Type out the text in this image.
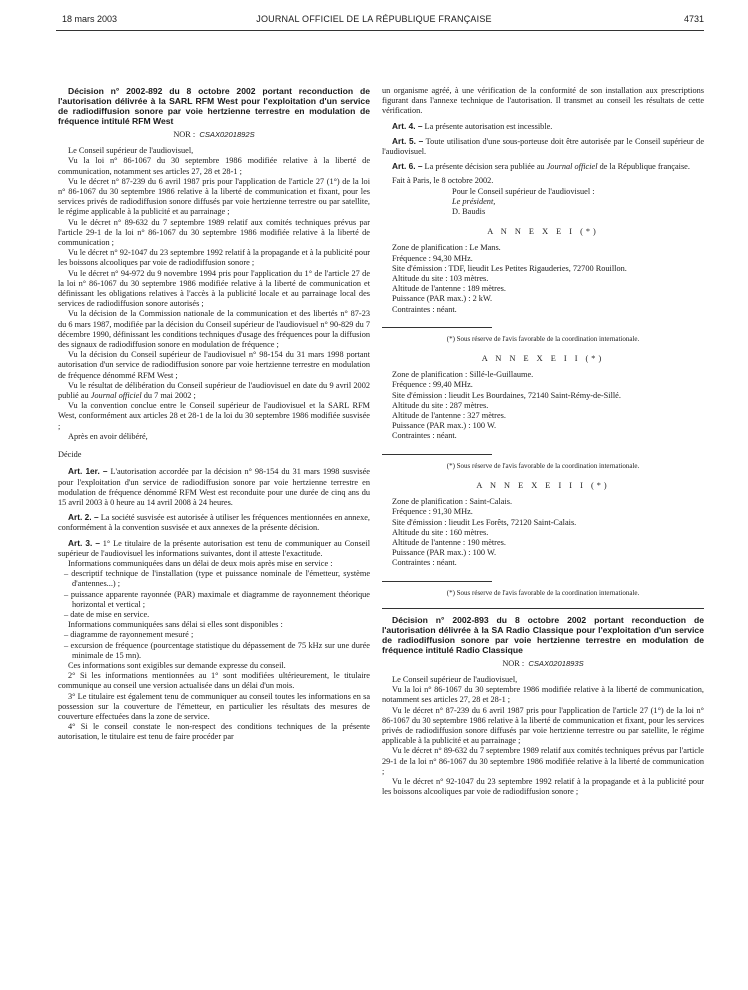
18 mars 2003	JOURNAL OFFICIEL DE LA RÉPUBLIQUE FRANÇAISE	4731

Décision n° 2002-892 du 8 octobre 2002 portant reconduction de l'autorisation délivrée à la SARL RFM West pour l'exploitation d'un service de radiodiffusion sonore par voie hertzienne terrestre en modulation de fréquence intitulé RFM West

NOR :  CSAX0201892S

Le Conseil supérieur de l'audiovisuel,

Vu la loi n° 86-1067 du 30 septembre 1986 modifiée relative à la liberté de communication, notamment ses articles 27, 28 et 28-1 ;

Vu le décret n° 87-239 du 6 avril 1987 pris pour l'application de l'article 27 (1°) de la loi n° 86-1067 du 30 septembre 1986 relative à la liberté de communication et fixant, pour les services privés de radiodiffusion sonore diffusés par voie hertzienne terrestre ou par satellite, le régime applicable à la publicité et au parrainage ;

Vu le décret n° 89-632 du 7 septembre 1989 relatif aux comités techniques prévus par l'article 29-1 de la loi n° 86-1067 du 30 septembre 1986 modifiée relative à la liberté de communication ;

Vu le décret n° 92-1047 du 23 septembre 1992 relatif à la propagande et à la publicité pour les boissons alcooliques par voie de radiodiffusion sonore ;

Vu le décret n° 94-972 du 9 novembre 1994 pris pour l'application du 1° de l'article 27 de la loi n° 86-1067 du 30 septembre 1986 modifiée relative à la liberté de communication et définissant les obligations relatives à l'accès à la publicité locale et au parrainage local des services de radiodiffusion sonore autorisés ;

Vu la décision de la Commission nationale de la communication et des libertés n° 87-23 du 6 mars 1987, modifiée par la décision du Conseil supérieur de l'audiovisuel n° 90-829 du 7 décembre 1990, définissant les conditions techniques d'usage des fréquences pour la diffusion des signaux de radiodiffusion sonore en modulation de fréquence ;

Vu la décision du Conseil supérieur de l'audiovisuel n° 98-154 du 31 mars 1998 portant autorisation d'un service de radiodiffusion sonore par voie hertzienne terrestre en modulation de fréquence dénommé RFM West ;

Vu le résultat de délibération du Conseil supérieur de l'audiovisuel en date du 9 avril 2002 publié au Journal officiel du 7 mai 2002 ;

Vu la convention conclue entre le Conseil supérieur de l'audiovisuel et la SARL RFM West, conformément aux articles 28 et 28-1 de la loi du 30 septembre 1986 modifiée susvisée ;

Après en avoir délibéré,

Décide

Art. 1er. – L'autorisation accordée par la décision n° 98-154 du 31 mars 1998 susvisée pour l'exploitation d'un service de radiodiffusion sonore par voie hertzienne terrestre en modulation de fréquence dénommé RFM West est reconduite pour une durée de cinq ans du 15 avril 2003 à 0 heure au 14 avril 2008 à 24 heures.

Art. 2. – La société susvisée est autorisée à utiliser les fréquences mentionnées en annexe, conformément à la convention susvisée et aux annexes de la présente décision.

Art. 3. – 1° Le titulaire de la présente autorisation est tenu de communiquer au Conseil supérieur de l'audiovisuel les informations suivantes, dont il atteste l'exactitude.

Informations communiquées dans un délai de deux mois après mise en service :

– descriptif technique de l'installation (type et puissance nominale de l'émetteur, système d'antennes...) ;
– puissance apparente rayonnée (PAR) maximale et diagramme de rayonnement théorique horizontal et vertical ;
– date de mise en service.

Informations communiquées sans délai si elles sont disponibles :

– diagramme de rayonnement mesuré ;
– excursion de fréquence (pourcentage statistique du dépassement de 75 kHz sur une durée minimale de 15 mn).

Ces informations sont exigibles sur demande expresse du conseil.

2° Si les informations mentionnées au 1° sont modifiées ultérieurement, le titulaire communique au conseil une version actualisée dans un délai d'un mois.

3° Le titulaire est également tenu de communiquer au conseil toutes les informations en sa possession sur la couverture de l'émetteur, en particulier les résultats des mesures de couverture effectuées dans la zone de service.

4° Si le conseil constate le non-respect des conditions techniques de la présente autorisation, le titulaire est tenu de faire procéder par

un organisme agréé, à une vérification de la conformité de son installation aux prescriptions figurant dans l'annexe technique de l'autorisation. Il transmet au conseil les résultats de cette vérification.

Art. 4. – La présente autorisation est incessible.

Art. 5. – Toute utilisation d'une sous-porteuse doit être autorisée par le Conseil supérieur de l'audiovisuel.

Art. 6. – La présente décision sera publiée au Journal officiel de la République française.

Fait à Paris, le 8 octobre 2002.

Pour le Conseil supérieur de l'audiovisuel :

Le président,

D. Baudis

A N N E X E I (*)

Zone de planification : Le Mans.

Fréquence : 94,30 MHz.

Site d'émission : TDF, lieudit Les Petites Rigauderies, 72700 Rouillon.

Altitude du site : 103 mètres.

Altitude de l'antenne : 189 mètres.

Puissance (PAR max.) : 2 kW.

Contraintes : néant.

(*) Sous réserve de l'avis favorable de la coordination internationale.
A N N E X E I I (*)

Zone de planification : Sillé-le-Guillaume.

Fréquence : 99,40 MHz.

Site d'émission : lieudit Les Bourdaines, 72140 Saint-Rémy-de-Sillé.

Altitude du site : 287 mètres.

Altitude de l'antenne : 327 mètres.

Puissance (PAR max.) : 100 W.

Contraintes : néant.

(*) Sous réserve de l'avis favorable de la coordination internationale.
A N N E X E I I I (*)

Zone de planification : Saint-Calais.

Fréquence : 91,30 MHz.

Site d'émission : lieudit Les Forêts, 72120 Saint-Calais.

Altitude du site : 160 mètres.

Altitude de l'antenne : 190 mètres.

Puissance (PAR max.) : 100 W.

Contraintes : néant.

(*) Sous réserve de l'avis favorable de la coordination internationale.

Décision n° 2002-893 du 8 octobre 2002 portant reconduction de l'autorisation délivrée à la SA Radio Classique pour l'exploitation d'un service de radiodiffusion sonore par voie hertzienne terrestre en modulation de fréquence intitulé Radio Classique

NOR :  CSAX0201893S

Le Conseil supérieur de l'audiovisuel,

Vu la loi n° 86-1067 du 30 septembre 1986 modifiée relative à la liberté de communication, notamment ses articles 27, 28 et 28-1 ;

Vu le décret n° 87-239 du 6 avril 1987 pris pour l'application de l'article 27 (1°) de la loi n° 86-1067 du 30 septembre 1986 relative à la liberté de communication et fixant, pour les services privés de radiodiffusion sonore diffusés par voie hertzienne terrestre ou par satellite, le régime applicable à la publicité et au parrainage ;

Vu le décret n° 89-632 du 7 septembre 1989 relatif aux comités techniques prévus par l'article 29-1 de la loi n° 86-1067 du 30 septembre 1986 modifiée relative à la liberté de communication ;

Vu le décret n° 92-1047 du 23 septembre 1992 relatif à la propagande et à la publicité pour les boissons alcooliques par voie de radiodiffusion sonore ;
